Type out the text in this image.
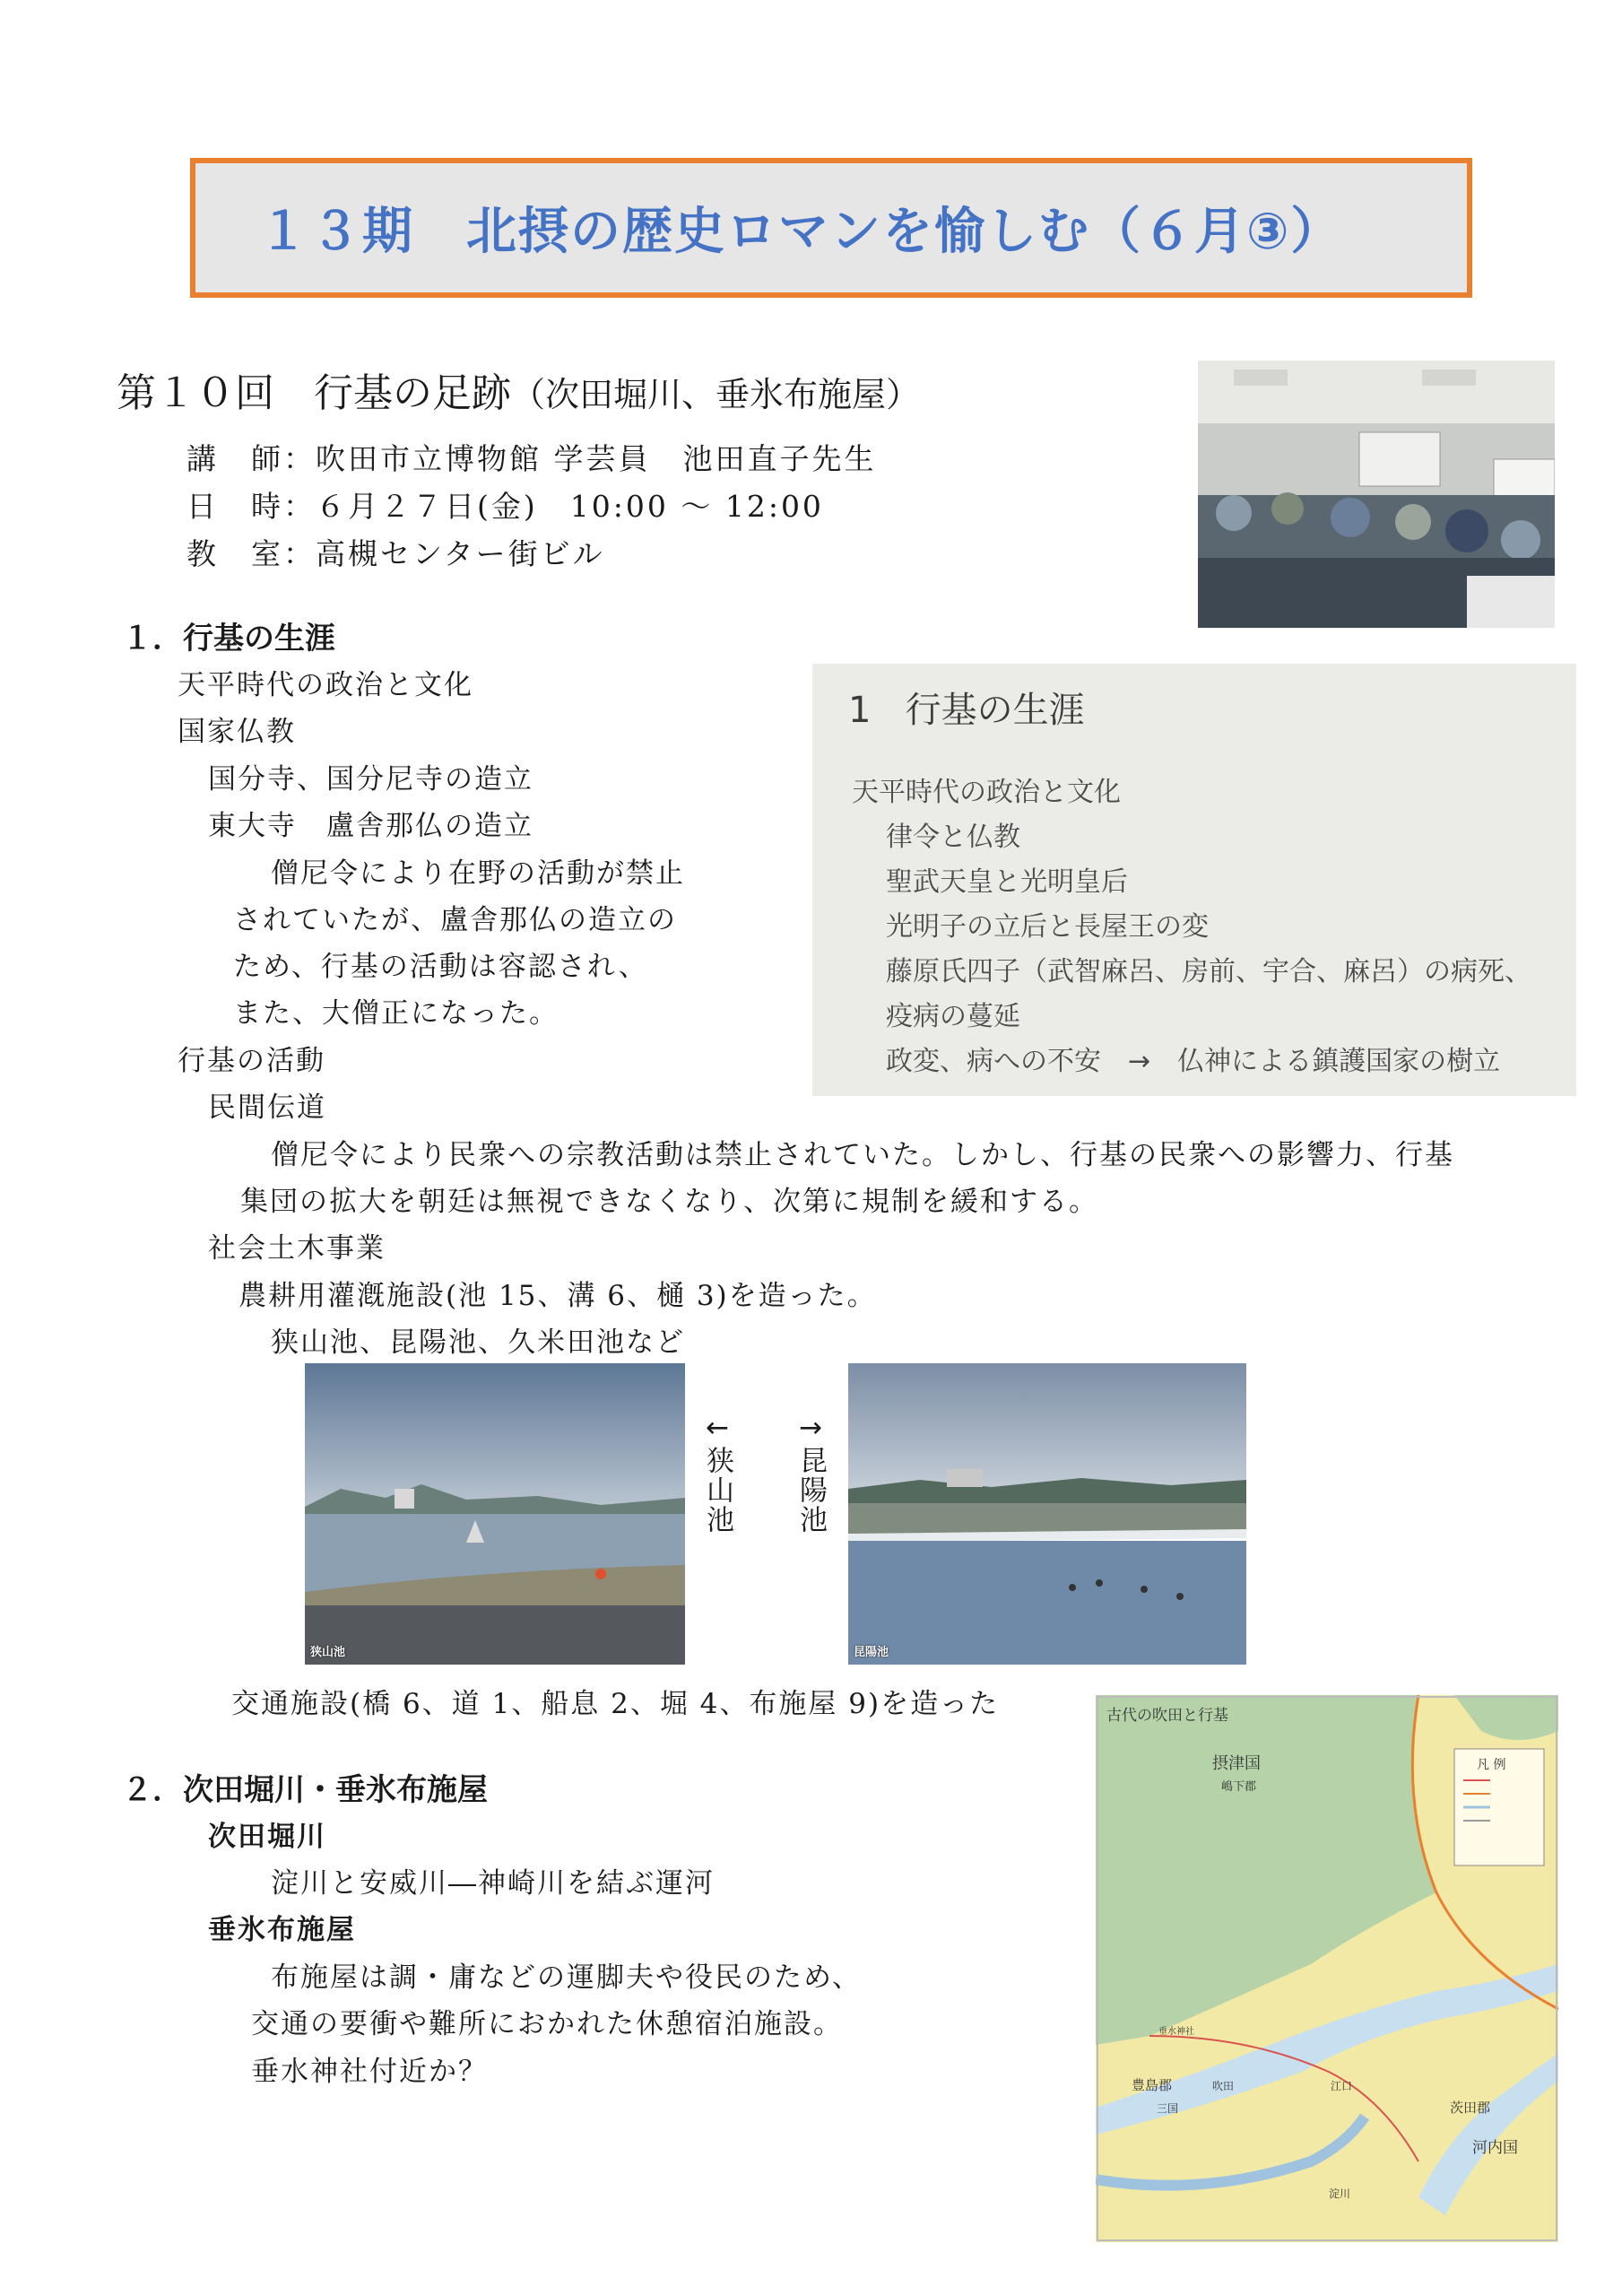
１３期　北摂の歴史ロマンを愉しむ（６月③）
第１０回　行基の足跡（次田堀川、垂氷布施屋）
講　師：吹田市立博物館 学芸員　池田直子先生
日　時：６月２７日(金)　10:00 ～ 12:00
教　室：高槻センター街ビル
１．行基の生涯
天平時代の政治と文化
国家仏教
国分寺、国分尼寺の造立
東大寺　盧舎那仏の造立
僧尼令により在野の活動が禁止
されていたが、盧舎那仏の造立の
ため、行基の活動は容認され、
また、大僧正になった。
行基の活動
民間伝道
僧尼令により民衆への宗教活動は禁止されていた。しかし、行基の民衆への影響力、行基
集団の拡大を朝廷は無視できなくなり、次第に規制を緩和する。
社会土木事業
農耕用灌漑施設(池 15、溝 6、樋 3)を造った。
狭山池、昆陽池、久米田池など
1 行基の生涯
天平時代の政治と文化
律令と仏教
聖武天皇と光明皇后
光明子の立后と長屋王の変
藤原氏四子（武智麻呂、房前、宇合、麻呂）の病死、
疫病の蔓延
政変、病への不安　→　仏神による鎮護国家の樹立
狭山池
←狭山池 →昆陽池
昆陽池
交通施設(橋 6、道 1、船息 2、堀 4、布施屋 9)を造った
２．次田堀川・垂氷布施屋
次田堀川
淀川と安威川―神崎川を結ぶ運河
垂氷布施屋
布施屋は調・庸などの運脚夫や役民のため、
交通の要衝や難所におかれた休憩宿泊施設。
垂水神社付近か？
古代の吹田と行基
凡 例
摂津国
嶋下郡
豊島郡
茨田郡
河内国
吹田	江口
三国
淀川
垂水神社
